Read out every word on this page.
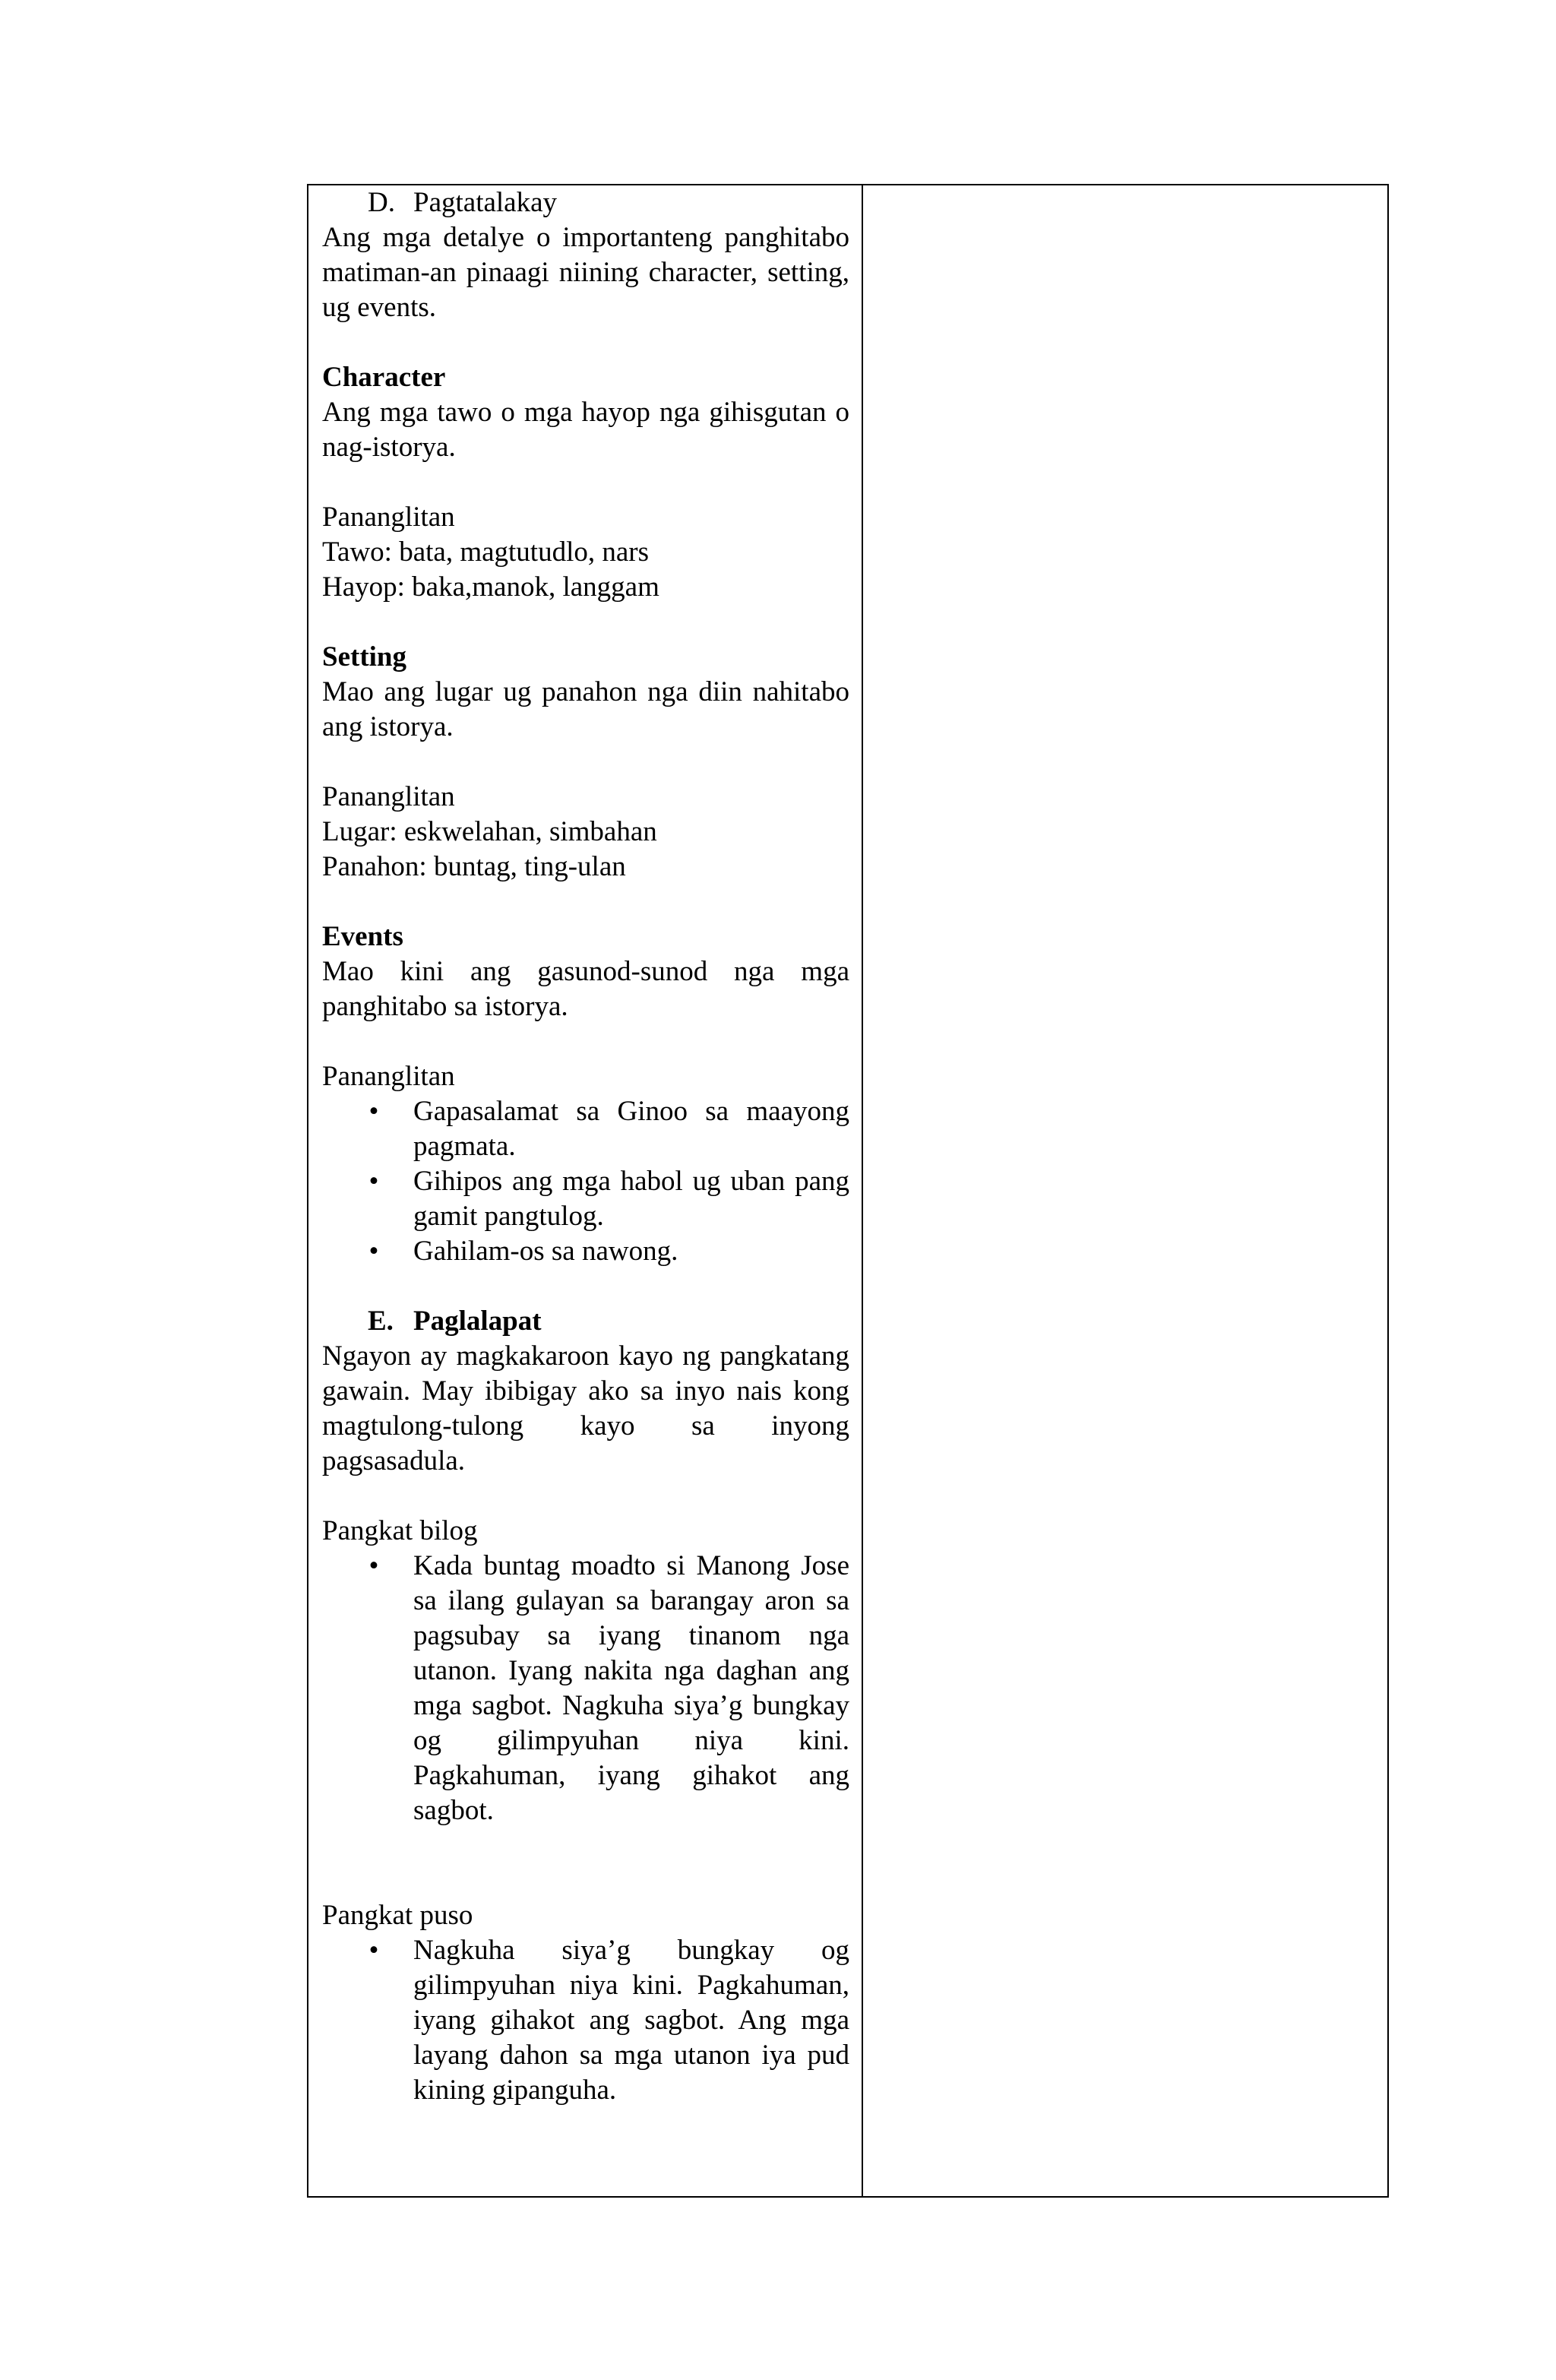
D. Pagtatalakay

Ang mga detalye o importanteng panghitabo matiman-an pinaagi niining character, setting, ug events.

Character

Ang mga tawo o mga hayop nga gihisgutan o nag-istorya.

Pananglitan

Tawo: bata, magtutudlo, nars

Hayop: baka,manok, langgam

Setting

Mao ang lugar ug panahon nga diin nahitabo ang istorya.

Pananglitan

Lugar: eskwelahan, simbahan

Panahon: buntag, ting-ulan

Events

Mao kini ang gasunod-sunod nga mga panghitabo sa istorya.

Pananglitan

• Gapasalamat sa Ginoo sa maayong pagmata.
• Gihipos ang mga habol ug uban pang gamit pangtulog.
• Gahilam-os sa nawong.

E. Paglalapat

Ngayon ay magkakaroon kayo ng pangkatang gawain. May ibibigay ako sa inyo nais kong magtulong-tulong kayo sa inyong pagsasadula.

Pangkat bilog

• Kada buntag moadto si Manong Jose sa ilang gulayan sa barangay aron sa pagsubay sa iyang tinanom nga utanon. Iyang nakita nga daghan ang mga sagbot. Nagkuha siya’g bungkay og gilimpyuhan niya kini. Pagkahuman, iyang gihakot ang sagbot.

Pangkat puso

• Nagkuha siya’g bungkay og gilimpyuhan niya kini. Pagkahuman, iyang gihakot ang sagbot. Ang mga layang dahon sa mga utanon iya pud kining gipanguha.
